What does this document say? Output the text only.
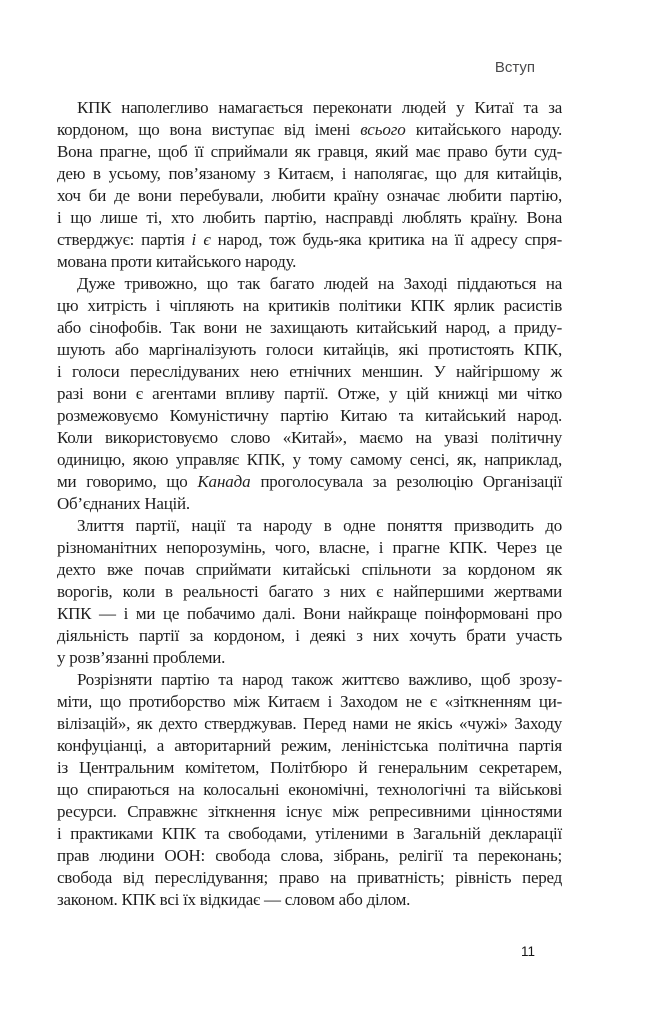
Вступ
КПК наполегливо намагається переконати людей у Китаї та за
кордоном, що вона виступає від імені всього китайського народу.
Вона прагне, щоб її сприймали як гравця, який має право бути суд-
дею в усьому, пов’язаному з Китаєм, і наполягає, що для китайців,
хоч би де вони перебували, любити країну означає любити партію,
і що лише ті, хто любить партію, насправді люблять країну. Вона
стверджує: партія і є народ, тож будь-яка критика на її адресу спря-
мована проти китайського народу.
Дуже тривожно, що так багато людей на Заході піддаються на
цю хитрість і чіпляють на критиків політики КПК ярлик расистів
або сінофобів. Так вони не захищають китайський народ, а приду-
шують або маргіналізують голоси китайців, які протистоять КПК,
і голоси переслідуваних нею етнічних меншин. У найгіршому ж
разі вони є агентами впливу партії. Отже, у цій книжці ми чітко
розмежовуємо Комуністичну партію Китаю та китайський народ.
Коли використовуємо слово «Китай», маємо на увазі політичну
одиницю, якою управляє КПК, у тому самому сенсі, як, наприклад,
ми говоримо, що Канада проголосувала за резолюцію Організації
Об’єднаних Націй.
Злиття партії, нації та народу в одне поняття призводить до
різноманітних непорозумінь, чого, власне, і прагне КПК. Через це
дехто вже почав сприймати китайські спільноти за кордоном як
ворогів, коли в реальності багато з них є найпершими жертвами
КПК — і ми це побачимо далі. Вони найкраще поінформовані про
діяльність партії за кордоном, і деякі з них хочуть брати участь
у розв’язанні проблеми.
Розрізняти партію та народ також життєво важливо, щоб зрозу-
міти, що протиборство між Китаєм і Заходом не є «зіткненням ци-
вілізацій», як дехто стверджував. Перед нами не якісь «чужі» Заходу
конфуціанці, а авторитарний режим, леніністська політична партія
із Центральним комітетом, Політбюро й генеральним секретарем,
що спираються на колосальні економічні, технологічні та військові
ресурси. Справжнє зіткнення існує між репресивними цінностями
і практиками КПК та свободами, утіленими в Загальній декларації
прав людини ООН: свобода слова, зібрань, релігії та переконань;
свобода від переслідування; право на приватність; рівність перед
законом. КПК всі їх відкидає — словом або ділом.
11
